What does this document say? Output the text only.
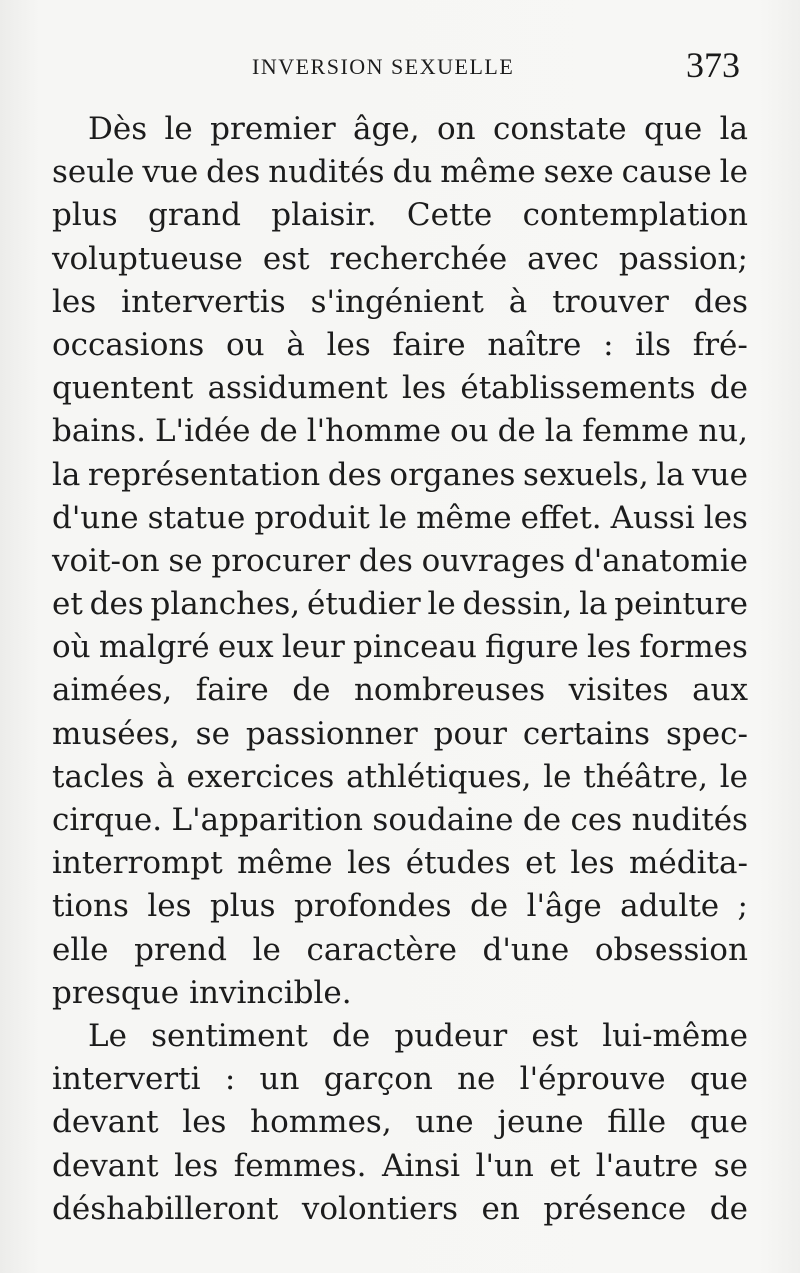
INVERSION SEXUELLE	373
Dès le premier âge, on constate que la
seule vue des nudités du même sexe cause le
plus grand plaisir. Cette contemplation
voluptueuse est recherchée avec passion;
les intervertis s'ingénient à trouver des
occasions ou à les faire naître : ils fré-
quentent assidument les établissements de
bains. L'idée de l'homme ou de la femme nu,
la représentation des organes sexuels, la vue
d'une statue produit le même effet. Aussi les
voit-on se procurer des ouvrages d'anatomie
et des planches, étudier le dessin, la peinture
où malgré eux leur pinceau figure les formes
aimées, faire de nombreuses visites aux
musées, se passionner pour certains spec-
tacles à exercices athlétiques, le théâtre, le
cirque. L'apparition soudaine de ces nudités
interrompt même les études et les médita-
tions les plus profondes de l'âge adulte ;
elle prend le caractère d'une obsession
presque invincible.
Le sentiment de pudeur est lui-même
interverti : un garçon ne l'éprouve que
devant les hommes, une jeune fille que
devant les femmes. Ainsi l'un et l'autre se
déshabilleront volontiers en présence de
